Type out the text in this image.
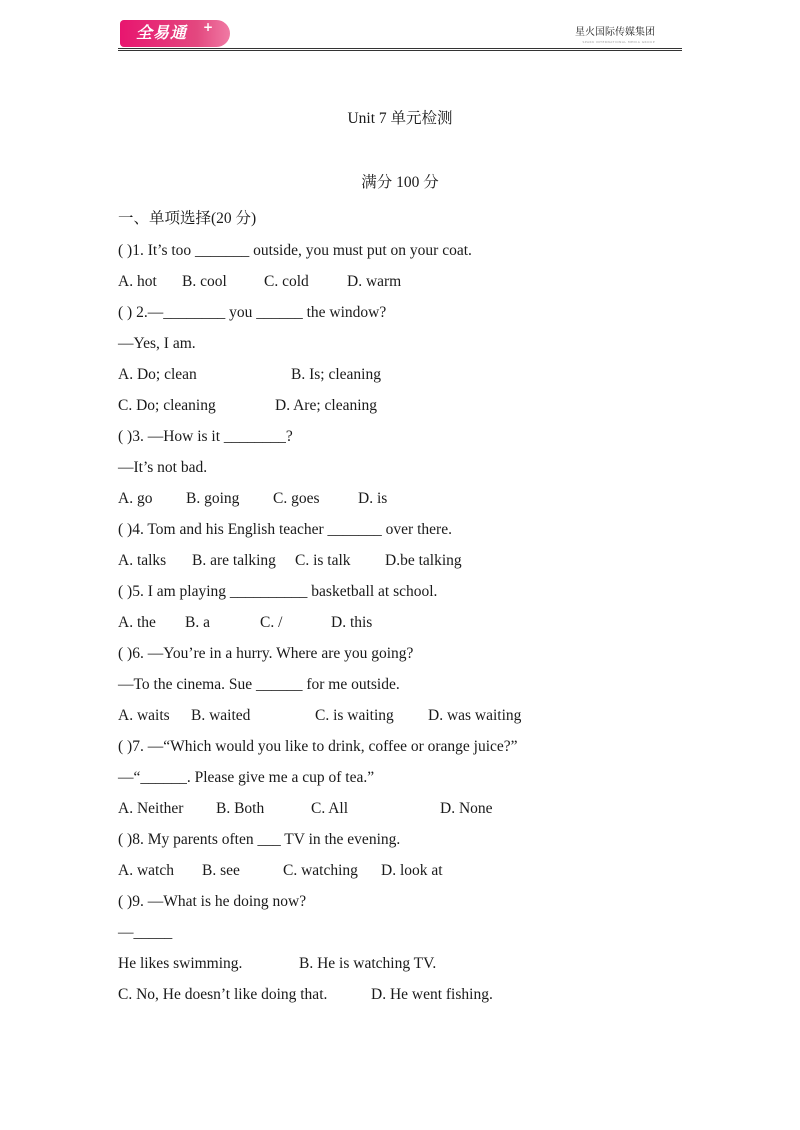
全易通 +	星火国际传媒集团
SPARK INTERNATIONAL MEDIA GROUP
Unit 7 单元检测
满分 100 分
一、单项选择(20 分)
( )1. It’s too _______ outside, you must put on your coat.
A. hot B. cool C. cold D. warm
( ) 2.—________ you ______ the window?
—Yes, I am.
A. Do; clean	B. Is; cleaning
C. Do; cleaning	D. Are; cleaning
( )3. —How is it ________?
—It’s not bad.
A. go B. going C. goes D. is
( )4. Tom and his English teacher _______ over there.
A. talks B. are talking C. is talk D.be talking
( )5. I am playing __________ basketball at school.
A. the B. a	C. /	D. this
( )6. —You’re in a hurry. Where are you going?
—To the cinema. Sue ______ for me outside.
A. waits B. waited	C. is waiting D. was waiting
( )7. —“Which would you like to drink, coffee or orange juice?”
—“______. Please give me a cup of tea.”
A. Neither B. Both	C. All	D. None
( )8. My parents often ___ TV in the evening.
A. watch B. see	C. watching D. look at
( )9. —What is he doing now?
—_____
He likes swimming.	B. He is watching TV.
C. No, He doesn’t like doing that.	D. He went fishing.
